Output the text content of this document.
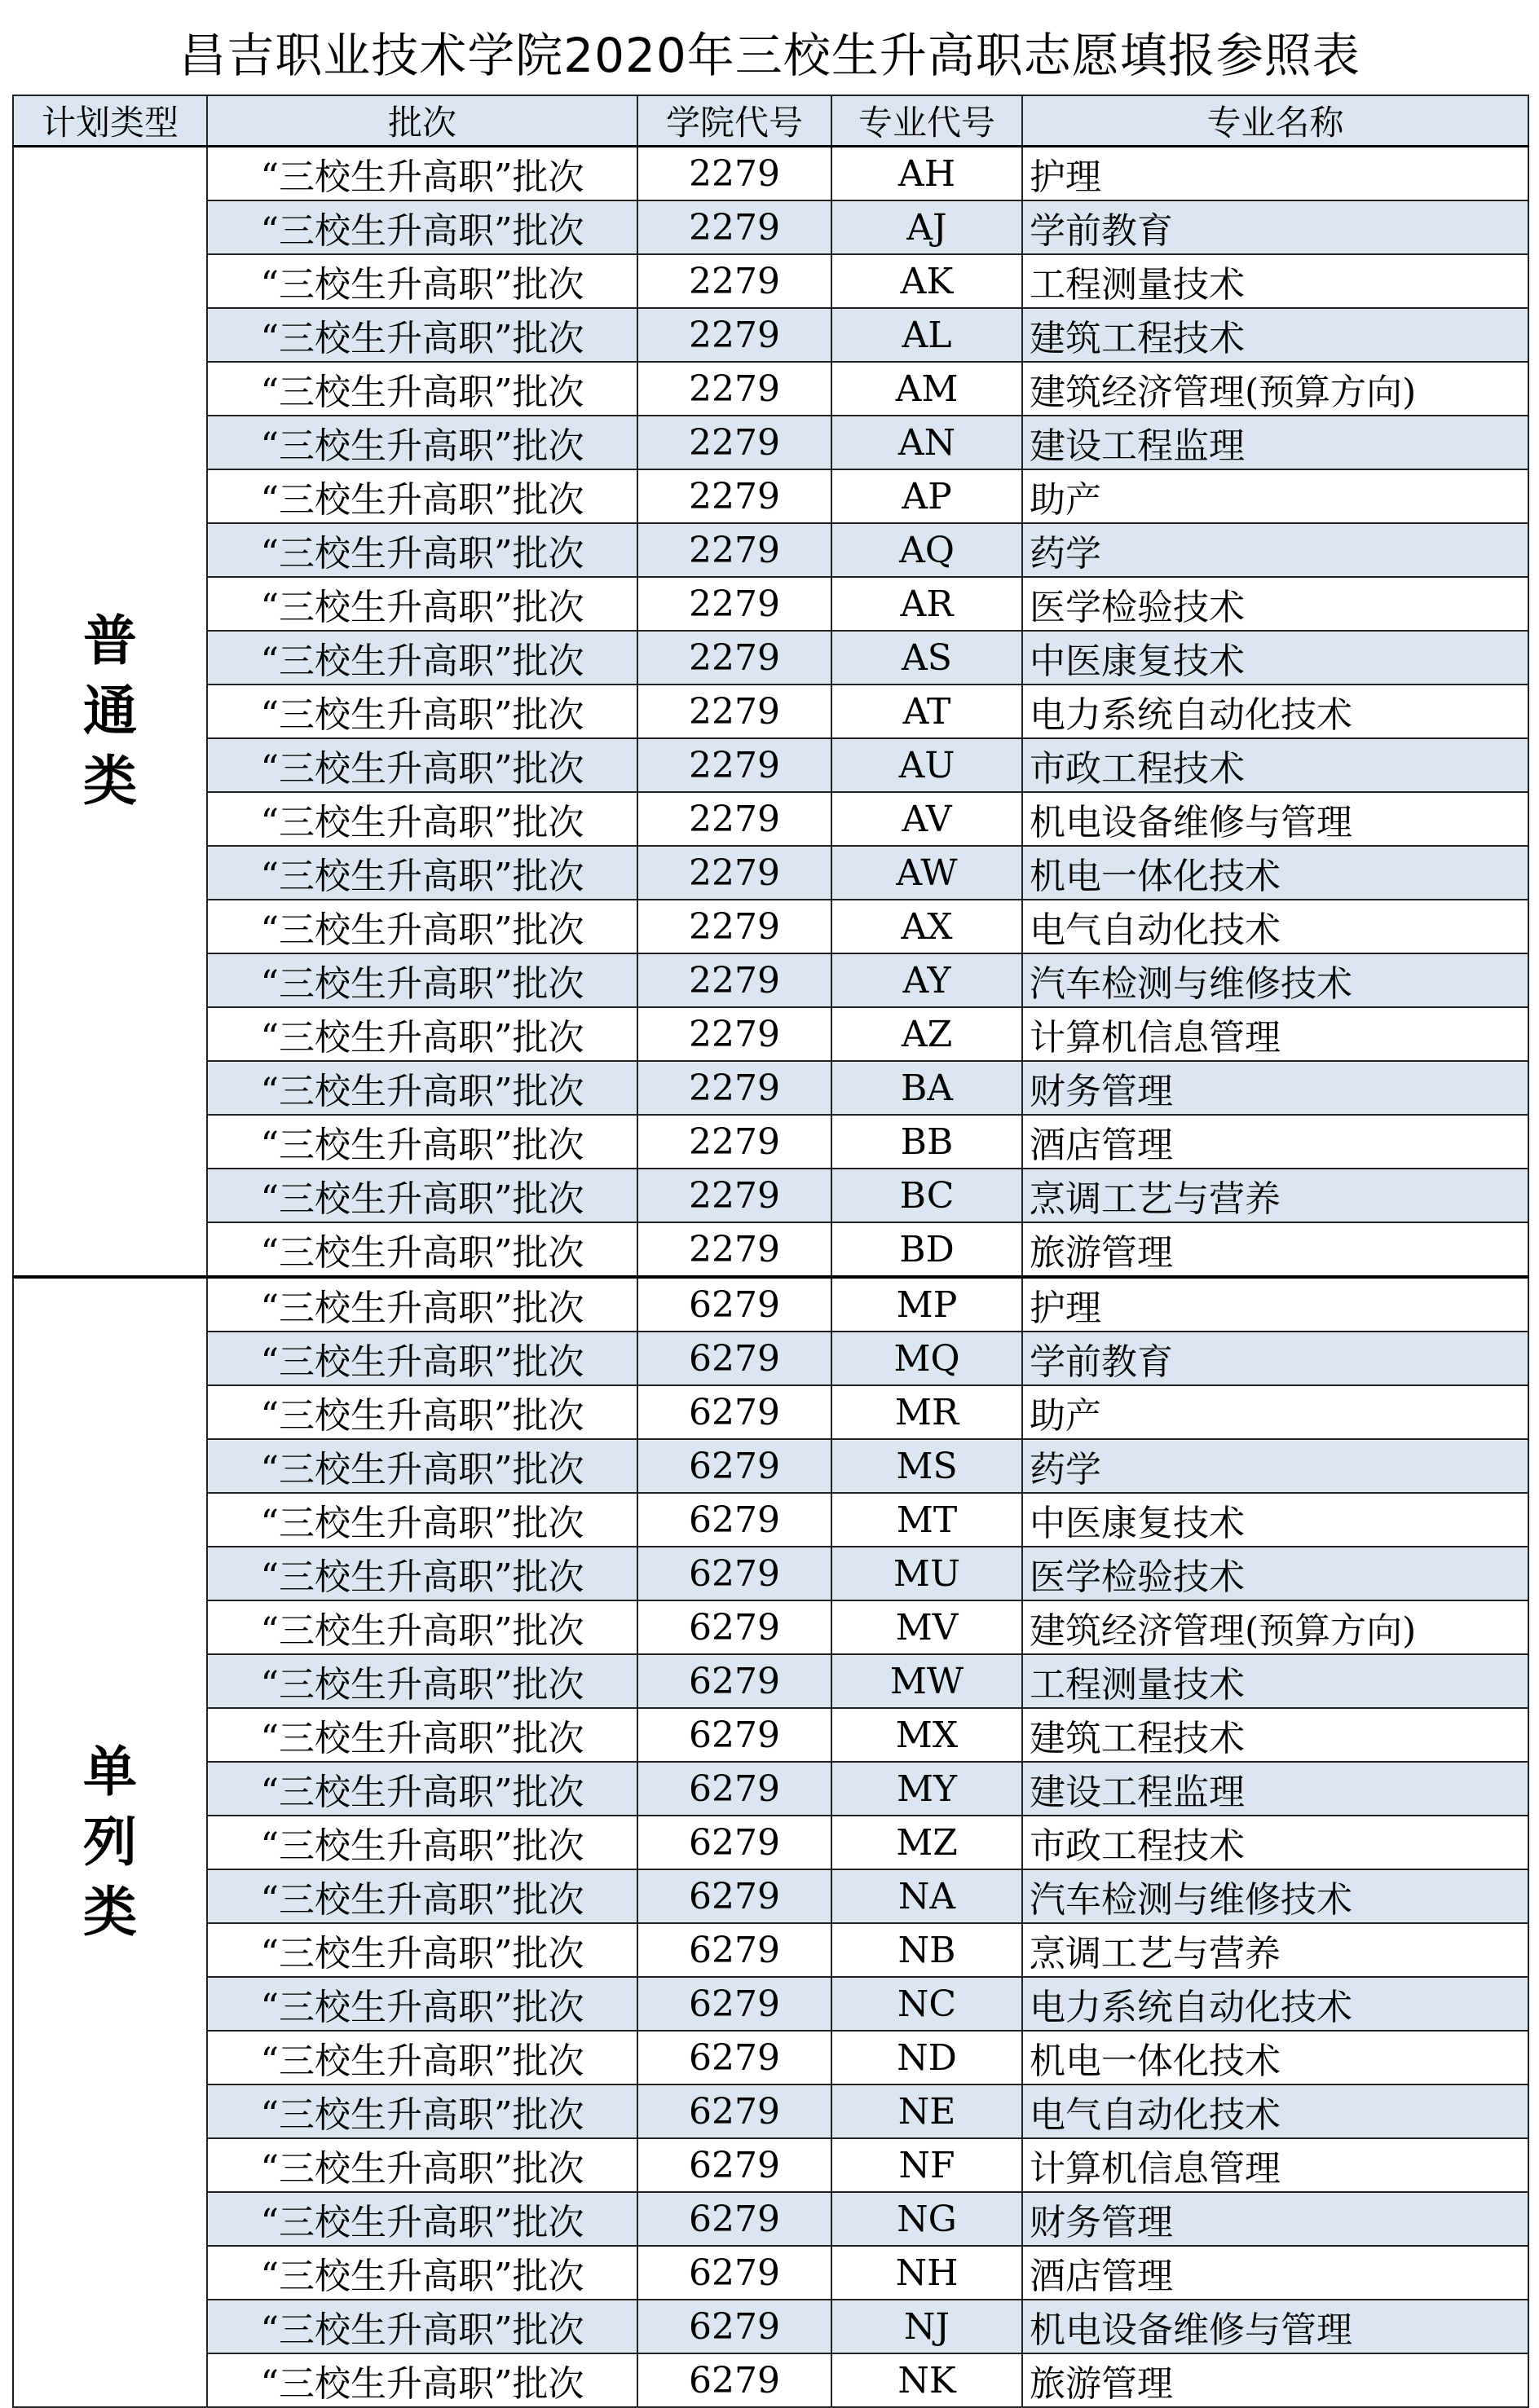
昌吉职业技术学院2020年三校生升高职志愿填报参照表
计划类型	批次	学院代号	专业代号	专业名称
普通类	“三校生升高职”批次	2279	AH	护理
	“三校生升高职”批次	2279	AJ	学前教育
	“三校生升高职”批次	2279	AK	工程测量技术
	“三校生升高职”批次	2279	AL	建筑工程技术
	“三校生升高职”批次	2279	AM	建筑经济管理(预算方向)
	“三校生升高职”批次	2279	AN	建设工程监理
	“三校生升高职”批次	2279	AP	助产
	“三校生升高职”批次	2279	AQ	药学
	“三校生升高职”批次	2279	AR	医学检验技术
	“三校生升高职”批次	2279	AS	中医康复技术
	“三校生升高职”批次	2279	AT	电力系统自动化技术
	“三校生升高职”批次	2279	AU	市政工程技术
	“三校生升高职”批次	2279	AV	机电设备维修与管理
	“三校生升高职”批次	2279	AW	机电一体化技术
	“三校生升高职”批次	2279	AX	电气自动化技术
	“三校生升高职”批次	2279	AY	汽车检测与维修技术
	“三校生升高职”批次	2279	AZ	计算机信息管理
	“三校生升高职”批次	2279	BA	财务管理
	“三校生升高职”批次	2279	BB	酒店管理
	“三校生升高职”批次	2279	BC	烹调工艺与营养
	“三校生升高职”批次	2279	BD	旅游管理
单列类	“三校生升高职”批次	6279	MP	护理
	“三校生升高职”批次	6279	MQ	学前教育
	“三校生升高职”批次	6279	MR	助产
	“三校生升高职”批次	6279	MS	药学
	“三校生升高职”批次	6279	MT	中医康复技术
	“三校生升高职”批次	6279	MU	医学检验技术
	“三校生升高职”批次	6279	MV	建筑经济管理(预算方向)
	“三校生升高职”批次	6279	MW	工程测量技术
	“三校生升高职”批次	6279	MX	建筑工程技术
	“三校生升高职”批次	6279	MY	建设工程监理
	“三校生升高职”批次	6279	MZ	市政工程技术
	“三校生升高职”批次	6279	NA	汽车检测与维修技术
	“三校生升高职”批次	6279	NB	烹调工艺与营养
	“三校生升高职”批次	6279	NC	电力系统自动化技术
	“三校生升高职”批次	6279	ND	机电一体化技术
	“三校生升高职”批次	6279	NE	电气自动化技术
	“三校生升高职”批次	6279	NF	计算机信息管理
	“三校生升高职”批次	6279	NG	财务管理
	“三校生升高职”批次	6279	NH	酒店管理
	“三校生升高职”批次	6279	NJ	机电设备维修与管理
	“三校生升高职”批次	6279	NK	旅游管理
